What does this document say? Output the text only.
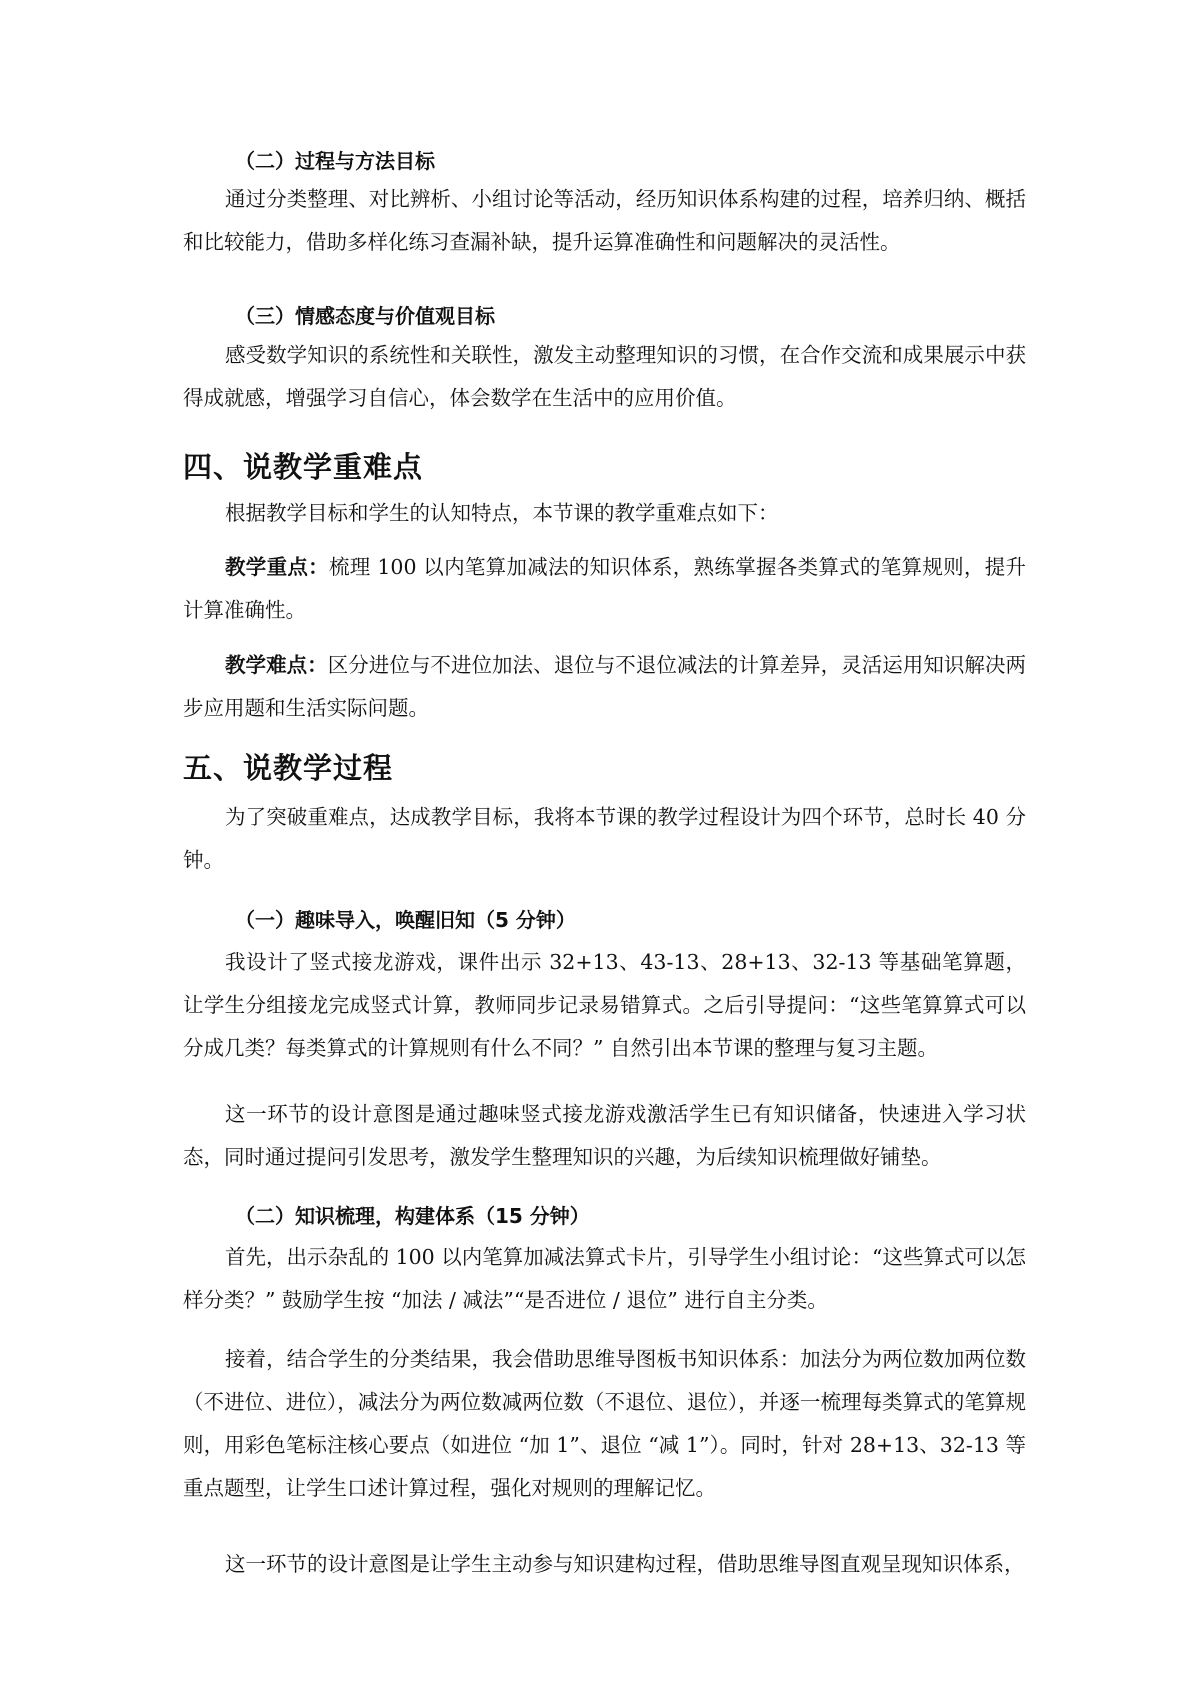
（二）过程与方法目标

通过分类整理、对比辨析、小组讨论等活动，经历知识体系构建的过程，培养归纳、概括和比较能力，借助多样化练习查漏补缺，提升运算准确性和问题解决的灵活性。

（三）情感态度与价值观目标

感受数学知识的系统性和关联性，激发主动整理知识的习惯，在合作交流和成果展示中获得成就感，增强学习自信心，体会数学在生活中的应用价值。

四、说教学重难点

根据教学目标和学生的认知特点，本节课的教学重难点如下：

教学重点：梳理 100 以内笔算加减法的知识体系，熟练掌握各类算式的笔算规则，提升计算准确性。

教学难点：区分进位与不进位加法、退位与不退位减法的计算差异，灵活运用知识解决两步应用题和生活实际问题。

五、说教学过程

为了突破重难点，达成教学目标，我将本节课的教学过程设计为四个环节，总时长 40 分钟。

（一）趣味导入，唤醒旧知（5 分钟）

我设计了竖式接龙游戏，课件出示 32+13、43-13、28+13、32-13 等基础笔算题，让学生分组接龙完成竖式计算，教师同步记录易错算式。之后引导提问：“这些笔算算式可以分成几类？每类算式的计算规则有什么不同？” 自然引出本节课的整理与复习主题。

这一环节的设计意图是通过趣味竖式接龙游戏激活学生已有知识储备，快速进入学习状态，同时通过提问引发思考，激发学生整理知识的兴趣，为后续知识梳理做好铺垫。

（二）知识梳理，构建体系（15 分钟）

首先，出示杂乱的 100 以内笔算加减法算式卡片，引导学生小组讨论：“这些算式可以怎样分类？” 鼓励学生按 “加法 / 减法”“是否进位 / 退位” 进行自主分类。

接着，结合学生的分类结果，我会借助思维导图板书知识体系：加法分为两位数加两位数（不进位、进位），减法分为两位数减两位数（不退位、退位），并逐一梳理每类算式的笔算规则，用彩色笔标注核心要点（如进位 “加 1”、退位 “减 1”）。同时，针对 28+13、32-13 等重点题型，让学生口述计算过程，强化对规则的理解记忆。

这一环节的设计意图是让学生主动参与知识建构过程，借助思维导图直观呈现知识体系，
